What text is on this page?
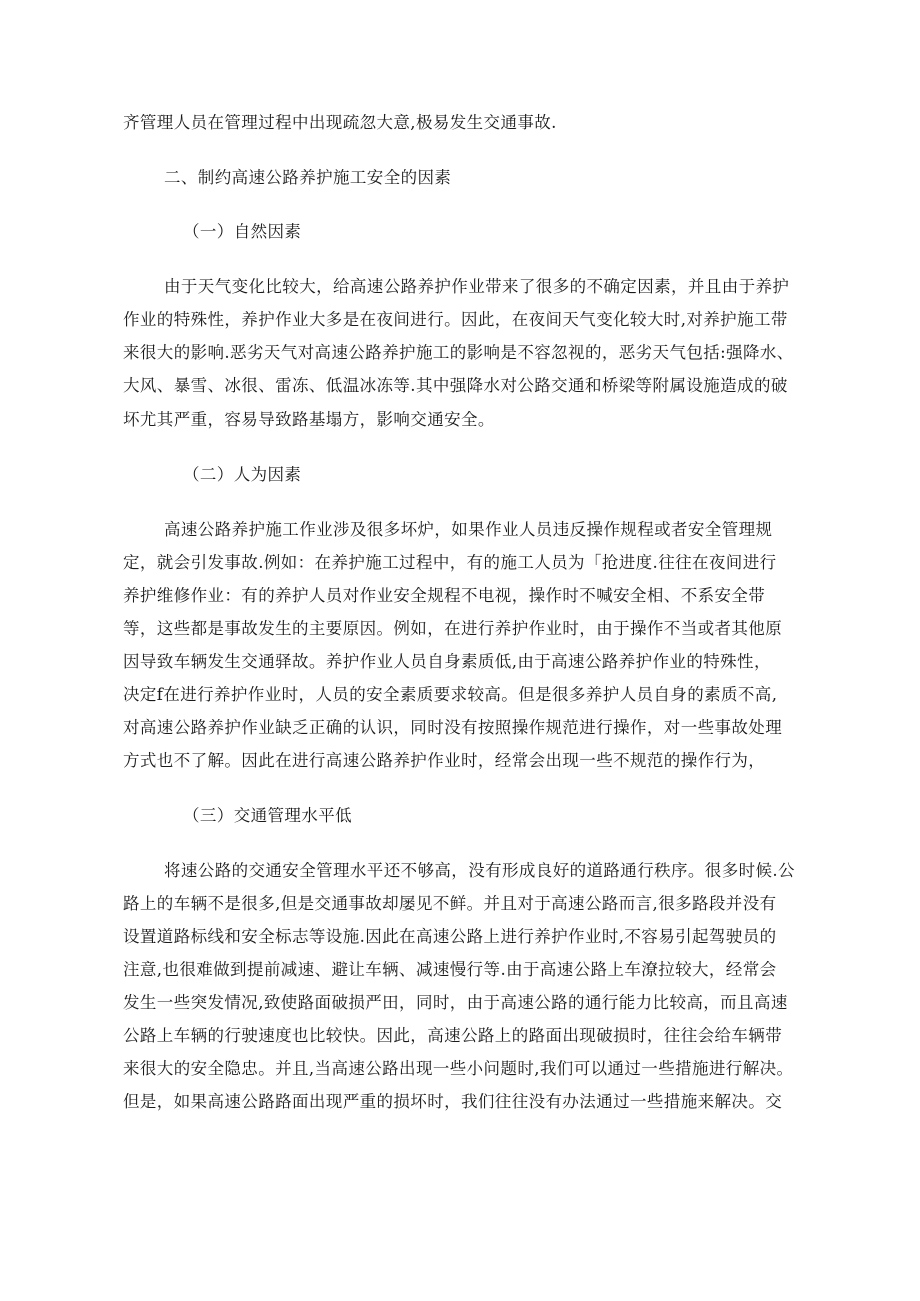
齐管理人员在管理过程中出现疏忽大意,极易发生交通事故.
二、制约高速公路养护施工安全的因素
（一）自然因素
由于天气变化比较大，给高速公路养护作业带来了很多的不确定因素，并且由于养护
作业的特殊性，养护作业大多是在夜间进行。因此，在夜间天气变化较大时,对养护施工带
来很大的影响.恶劣天气对高速公路养护施工的影响是不容忽视的，恶劣天气包括:强降水、
大风、暴雪、冰很、雷冻、低温冰冻等.其中强降水对公路交通和桥梁等附属设施造成的破
坏尤其严重，容易导致路基塌方，影响交通安全。
（二）人为因素
高速公路养护施工作业涉及很多坏炉，如果作业人员违反操作规程或者安全管理规
定，就会引发事故.例如：在养护施工过程中，有的施工人员为「抢进度.往往在夜间进行
养护维修作业：有的养护人员对作业安全规程不电视，操作时不喊安全相、不系安全带
等，这些都是事故发生的主要原因。例如，在进行养护作业时，由于操作不当或者其他原
因导致车辆发生交通驿故。养护作业人员自身素质低,由于高速公路养护作业的特殊性，
决定f在进行养护作业时，人员的安全素质要求较高。但是很多养护人员自身的素质不高,
对高速公路养护作业缺乏正确的认识，同时没有按照操作规范进行操作，对一些事故处理
方式也不了解。因此在进行高速公路养护作业时，经常会出现一些不规范的操作行为，
（三）交通管理水平低
将速公路的交通安全管理水平还不够高，没有形成良好的道路通行秩序。很多时候.公
路上的车辆不是很多,但是交通事故却屡见不鲜。并且对于高速公路而言,很多路段并没有
设置道路标线和安全标志等设施.因此在高速公路上进行养护作业时,不容易引起驾驶员的
注意,也很难做到提前减速、避让车辆、减速慢行等.由于高速公路上车潦拉较大，经常会
发生一些突发情况,致使路面破损严田，同时，由于高速公路的通行能力比较高，而且高速
公路上车辆的行驶速度也比较快。因此，高速公路上的路面出现破损时，往往会给车辆带
来很大的安全隐忠。并且,当高速公路出现一些小问题时,我们可以通过一些措施进行解决。
但是，如果高速公路路面出现严重的损坏时，我们往往没有办法通过一些措施来解决。交
